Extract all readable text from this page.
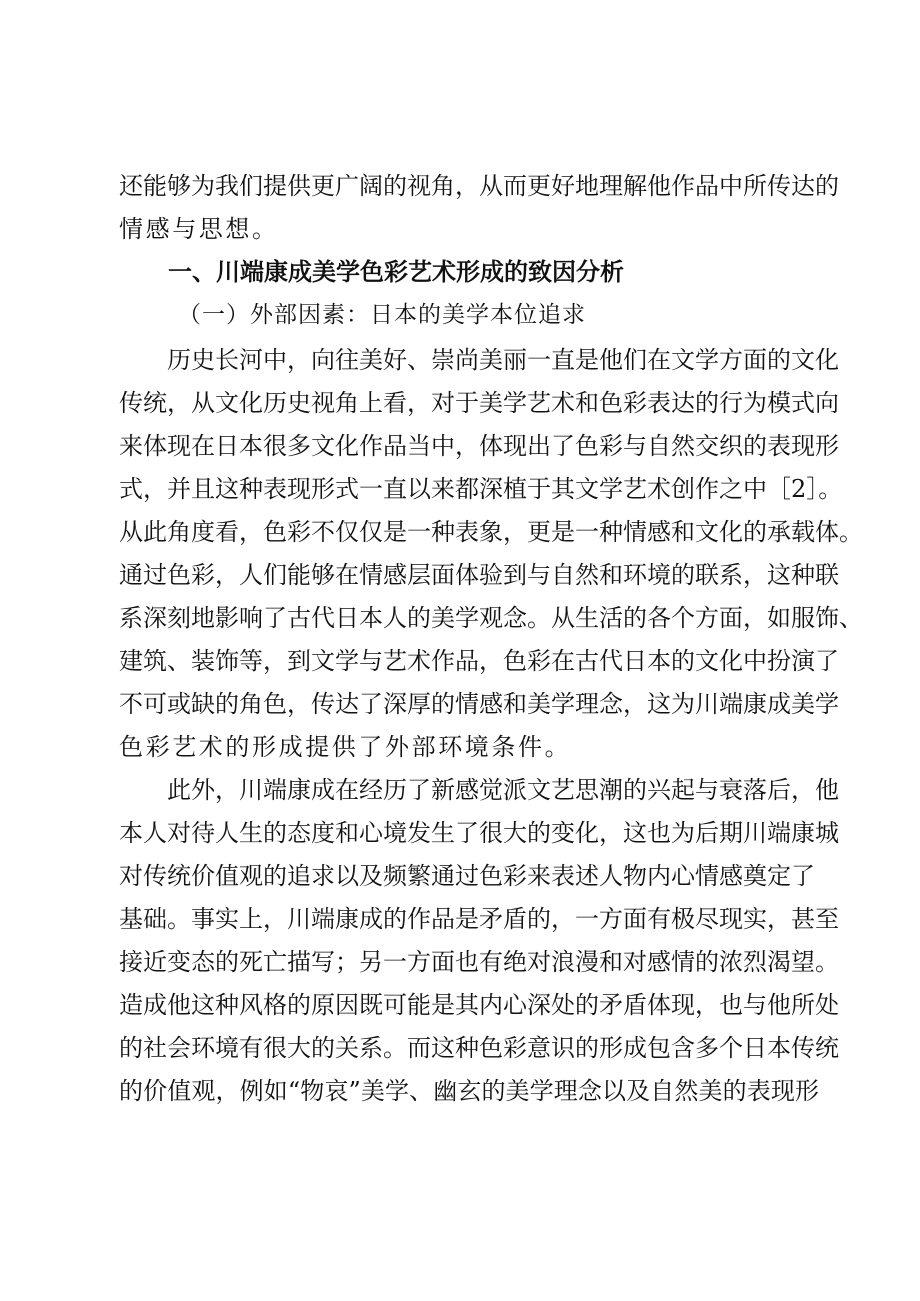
还能够为我们提供更广阔的视角，从而更好地理解他作品中所传达的
情感与思想。
一、川端康成美学色彩艺术形成的致因分析
（一）外部因素：日本的美学本位追求
历史长河中，向往美好、崇尚美丽一直是他们在文学方面的文化
传统，从文化历史视角上看，对于美学艺术和色彩表达的行为模式向
来体现在日本很多文化作品当中，体现出了色彩与自然交织的表现形
式，并且这种表现形式一直以来都深植于其文学艺术创作之中［2］。
从此角度看，色彩不仅仅是一种表象，更是一种情感和文化的承载体。
通过色彩，人们能够在情感层面体验到与自然和环境的联系，这种联
系深刻地影响了古代日本人的美学观念。从生活的各个方面，如服饰、
建筑、装饰等，到文学与艺术作品，色彩在古代日本的文化中扮演了
不可或缺的角色，传达了深厚的情感和美学理念，这为川端康成美学
色彩艺术的形成提供了外部环境条件。
此外，川端康成在经历了新感觉派文艺思潮的兴起与衰落后，他
本人对待人生的态度和心境发生了很大的变化，这也为后期川端康城
对传统价值观的追求以及频繁通过色彩来表述人物内心情感奠定了
基础。事实上，川端康成的作品是矛盾的，一方面有极尽现实，甚至
接近变态的死亡描写；另一方面也有绝对浪漫和对感情的浓烈渴望。
造成他这种风格的原因既可能是其内心深处的矛盾体现，也与他所处
的社会环境有很大的关系。而这种色彩意识的形成包含多个日本传统
的价值观，例如“物哀”美学、幽玄的美学理念以及自然美的表现形
